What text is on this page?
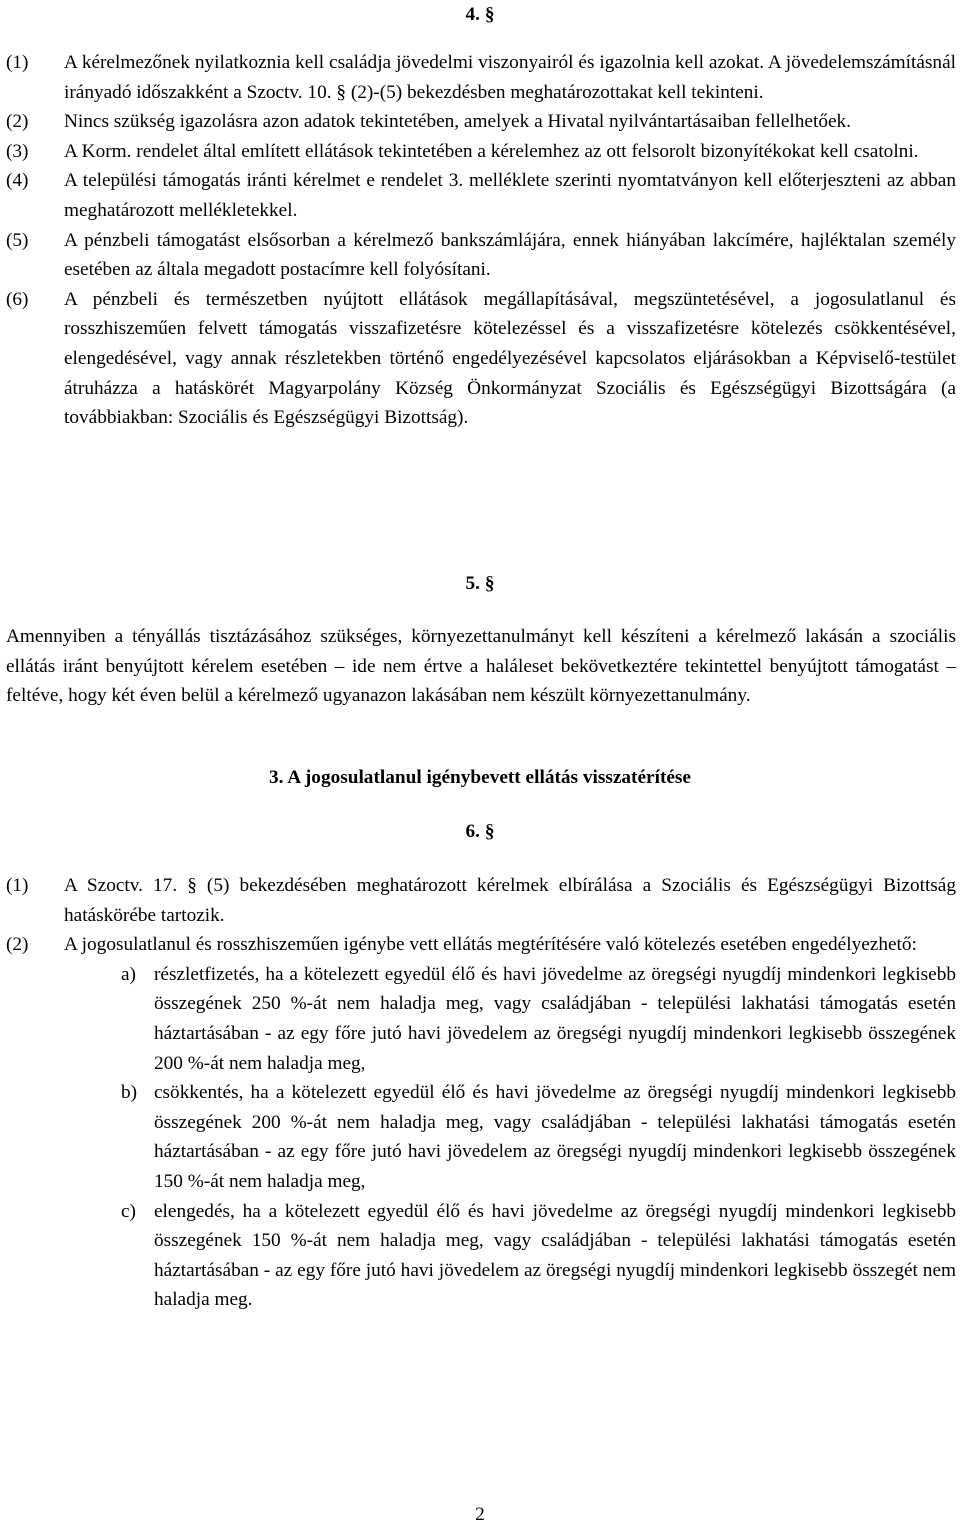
4. §
(1) A kérelmezőnek nyilatkoznia kell családja jövedelmi viszonyairól és igazolnia kell azokat. A jövedelemszámításnál irányadó időszakként a Szoctv. 10. § (2)-(5) bekezdésben meghatározottakat kell tekinteni.

(2) Nincs szükség igazolásra azon adatok tekintetében, amelyek a Hivatal nyilvántartásaiban fellelhetőek.

(3) A Korm. rendelet által említett ellátások tekintetében a kérelemhez az ott felsorolt bizonyítékokat kell csatolni.

(4) A települési támogatás iránti kérelmet e rendelet 3. melléklete szerinti nyomtatványon kell előterjeszteni az abban meghatározott mellékletekkel.

(5) A pénzbeli támogatást elsősorban a kérelmező bankszámlájára, ennek hiányában lakcímére, hajléktalan személy esetében az általa megadott postacímre kell folyósítani.

(6) A pénzbeli és természetben nyújtott ellátások megállapításával, megszüntetésével, a jogosulatlanul és rosszhiszeműen felvett támogatás visszafizetésre kötelezéssel és a visszafizetésre kötelezés csökkentésével, elengedésével, vagy annak részletekben történő engedélyezésével kapcsolatos eljárásokban a Képviselő-testület átruházza a hatáskörét Magyarpolány Község Önkormányzat Szociális és Egészségügyi Bizottságára (a továbbiakban: Szociális és Egészségügyi Bizottság).

5. §

Amennyiben a tényállás tisztázásához szükséges, környezettanulmányt kell készíteni a kérelmező lakásán a szociális ellátás iránt benyújtott kérelem esetében – ide nem értve a haláleset bekövetkeztére tekintettel benyújtott támogatást – feltéve, hogy két éven belül a kérelmező ugyanazon lakásában nem készült környezettanulmány.

3. A jogosulatlanul igénybevett ellátás visszatérítése
6. §
(1) A Szoctv. 17. § (5) bekezdésében meghatározott kérelmek elbírálása a Szociális és Egészségügyi Bizottság hatáskörébe tartozik.

(2) A jogosulatlanul és rosszhiszeműen igénybe vett ellátás megtérítésére való kötelezés esetében engedélyezhető:

a) részletfizetés, ha a kötelezett egyedül élő és havi jövedelme az öregségi nyugdíj mindenkori legkisebb összegének 250 %-át nem haladja meg, vagy családjában - települési lakhatási támogatás esetén háztartásában - az egy főre jutó havi jövedelem az öregségi nyugdíj mindenkori legkisebb összegének 200 %-át nem haladja meg,

b) csökkentés, ha a kötelezett egyedül élő és havi jövedelme az öregségi nyugdíj mindenkori legkisebb összegének 200 %-át nem haladja meg, vagy családjában - települési lakhatási támogatás esetén háztartásában - az egy főre jutó havi jövedelem az öregségi nyugdíj mindenkori legkisebb összegének 150 %-át nem haladja meg,

c) elengedés, ha a kötelezett egyedül élő és havi jövedelme az öregségi nyugdíj mindenkori legkisebb összegének 150 %-át nem haladja meg, vagy családjában - települési lakhatási támogatás esetén háztartásában - az egy főre jutó havi jövedelem az öregségi nyugdíj mindenkori legkisebb összegét nem haladja meg.

2
